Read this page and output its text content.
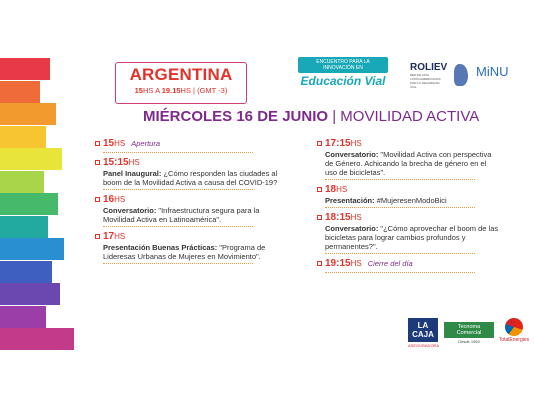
ARGENTINA
15HS A 19.15HS | (GMT -3)
ENCUENTRO PARA LA INNOVACIÓN EN
Educación Vial
ROLIEV
RED DE ONG LATINOAMERICANAS POR LA SEGURIDAD VIAL
MiNU
MIÉRCOLES 16 DE JUNIO | MOVILIDAD ACTIVA
15HS Apertura
15:15HS
Panel Inaugural: ¿Cómo responden las ciudades al boom de la Movilidad Activa a causa del COVID-19?
16HS
Conversatorio: "Infraestructura segura para la Movilidad Activa en Latinoamérica".
17HS
Presentación Buenas Prácticas: "Programa de Lideresas Urbanas de Mujeres en Movimiento".
17:15HS
Conversatorio: "Movilidad Activa con perspectiva de Género. Achicando la brecha de género en el uso de bicicletas".
18HS
Presentación: #MujeresenModoBici
18:15HS
Conversatorio: "¿Cómo aprovechar el boom de las bicicletas para lograr cambios profundos y permanentes?".
19:15HS Cierre del día
LA CAJA
ASEGURADORA
Tecnoma Comercial
Desde 1963	TotalEnergies
